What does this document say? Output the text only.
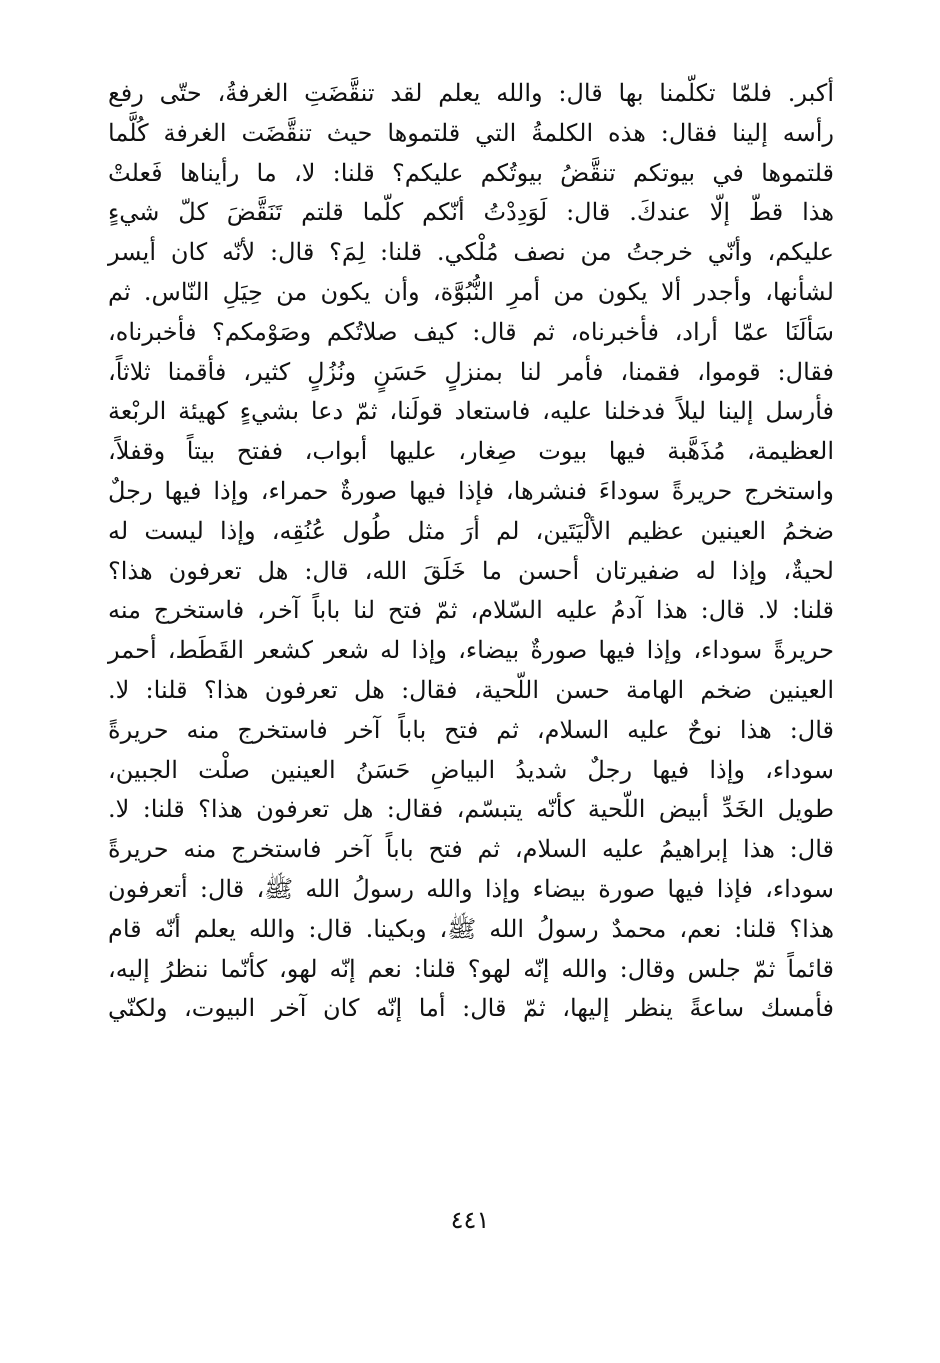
أكبر. فلمّا تكلّمنا بها قال: والله يعلم لقد تنقَّضَتِ الغرفةُ، حتّى رفع
رأسه إلينا فقال: هذه الكلمةُ التي قلتموها حيث تنقَّضَت الغرفة كُلَّما
قلتموها في بيوتكم تنقَّضُ بيوتُكم عليكم؟ قلنا: لا، ما رأيناها فَعلتْ
هذا قطّ إلّا عندكَ. قال: لَوَدِدْتُ أنّكم كلّما قلتم تَنَقَّضَ كلّ شيءٍ
عليكم، وأنّي خرجتُ من نصف مُلْكي. قلنا: لِمَ؟ قال: لأنّه كان أيسر
لشأنها، وأجدر ألا يكون من أمرِ النُّبُوَّة، وأن يكون من حِيَلِ النّاس. ثم
سَألَنَا عمّا أراد، فأخبرناه، ثم قال: كيف صلاتُكم وصَوْمكم؟ فأخبرناه،
فقال: قوموا، فقمنا، فأمر لنا بمنزلٍ حَسَنٍ ونُزُلٍ كثير، فأقمنا ثلاثاً،
فأرسل إلينا ليلاً فدخلنا عليه، فاستعاد قولَنا، ثمّ دعا بشيءٍ كهيئة الربْعة
العظيمة، مُذَهَّبة فيها بيوت صِغار، عليها أبواب، ففتح بيتاً وقفلاً،
واستخرج حريرةً سوداءَ فنشرها، فإذا فيها صورةٌ حمراء، وإذا فيها رجلٌ
ضخمُ العينين عظيم الألْيَتَين، لم أرَ مثل طُول عُنُقِه، وإذا ليست له
لحيةٌ، وإذا له ضفيرتان أحسن ما خَلَقَ الله، قال: هل تعرفون هذا؟
قلنا: لا. قال: هذا آدمُ عليه السّلام، ثمّ فتح لنا باباً آخر، فاستخرج منه
حريرةً سوداء، وإذا فيها صورةٌ بيضاء، وإذا له شعر كشعر القَطَط، أحمر
العينين ضخم الهامة حسن اللّحية، فقال: هل تعرفون هذا؟ قلنا: لا.
قال: هذا نوحٌ عليه السلام، ثم فتح باباً آخر فاستخرج منه حريرةً
سوداء، وإذا فيها رجلٌ شديدُ البياضِ حَسَنُ العينين صلْت الجبين،
طويل الخَدِّ أبيض اللّحية كأنّه يتبسّم، فقال: هل تعرفون هذا؟ قلنا: لا.
قال: هذا إبراهيمُ عليه السلام، ثم فتح باباً آخر فاستخرج منه حريرةً
سوداء، فإذا فيها صورة بيضاء وإذا والله رسولُ الله ﷺ، قال: أتعرفون
هذا؟ قلنا: نعم، محمدٌ رسولُ الله ﷺ، وبكينا. قال: والله يعلم أنّه قام
قائماً ثمّ جلس وقال: والله إنّه لهو؟ قلنا: نعم إنّه لهو، كأنّما ننظرُ إليه،
فأمسك ساعةً ينظر إليها، ثمّ قال: أما إنّه كان آخر البيوت، ولكنّي
٤٤١
